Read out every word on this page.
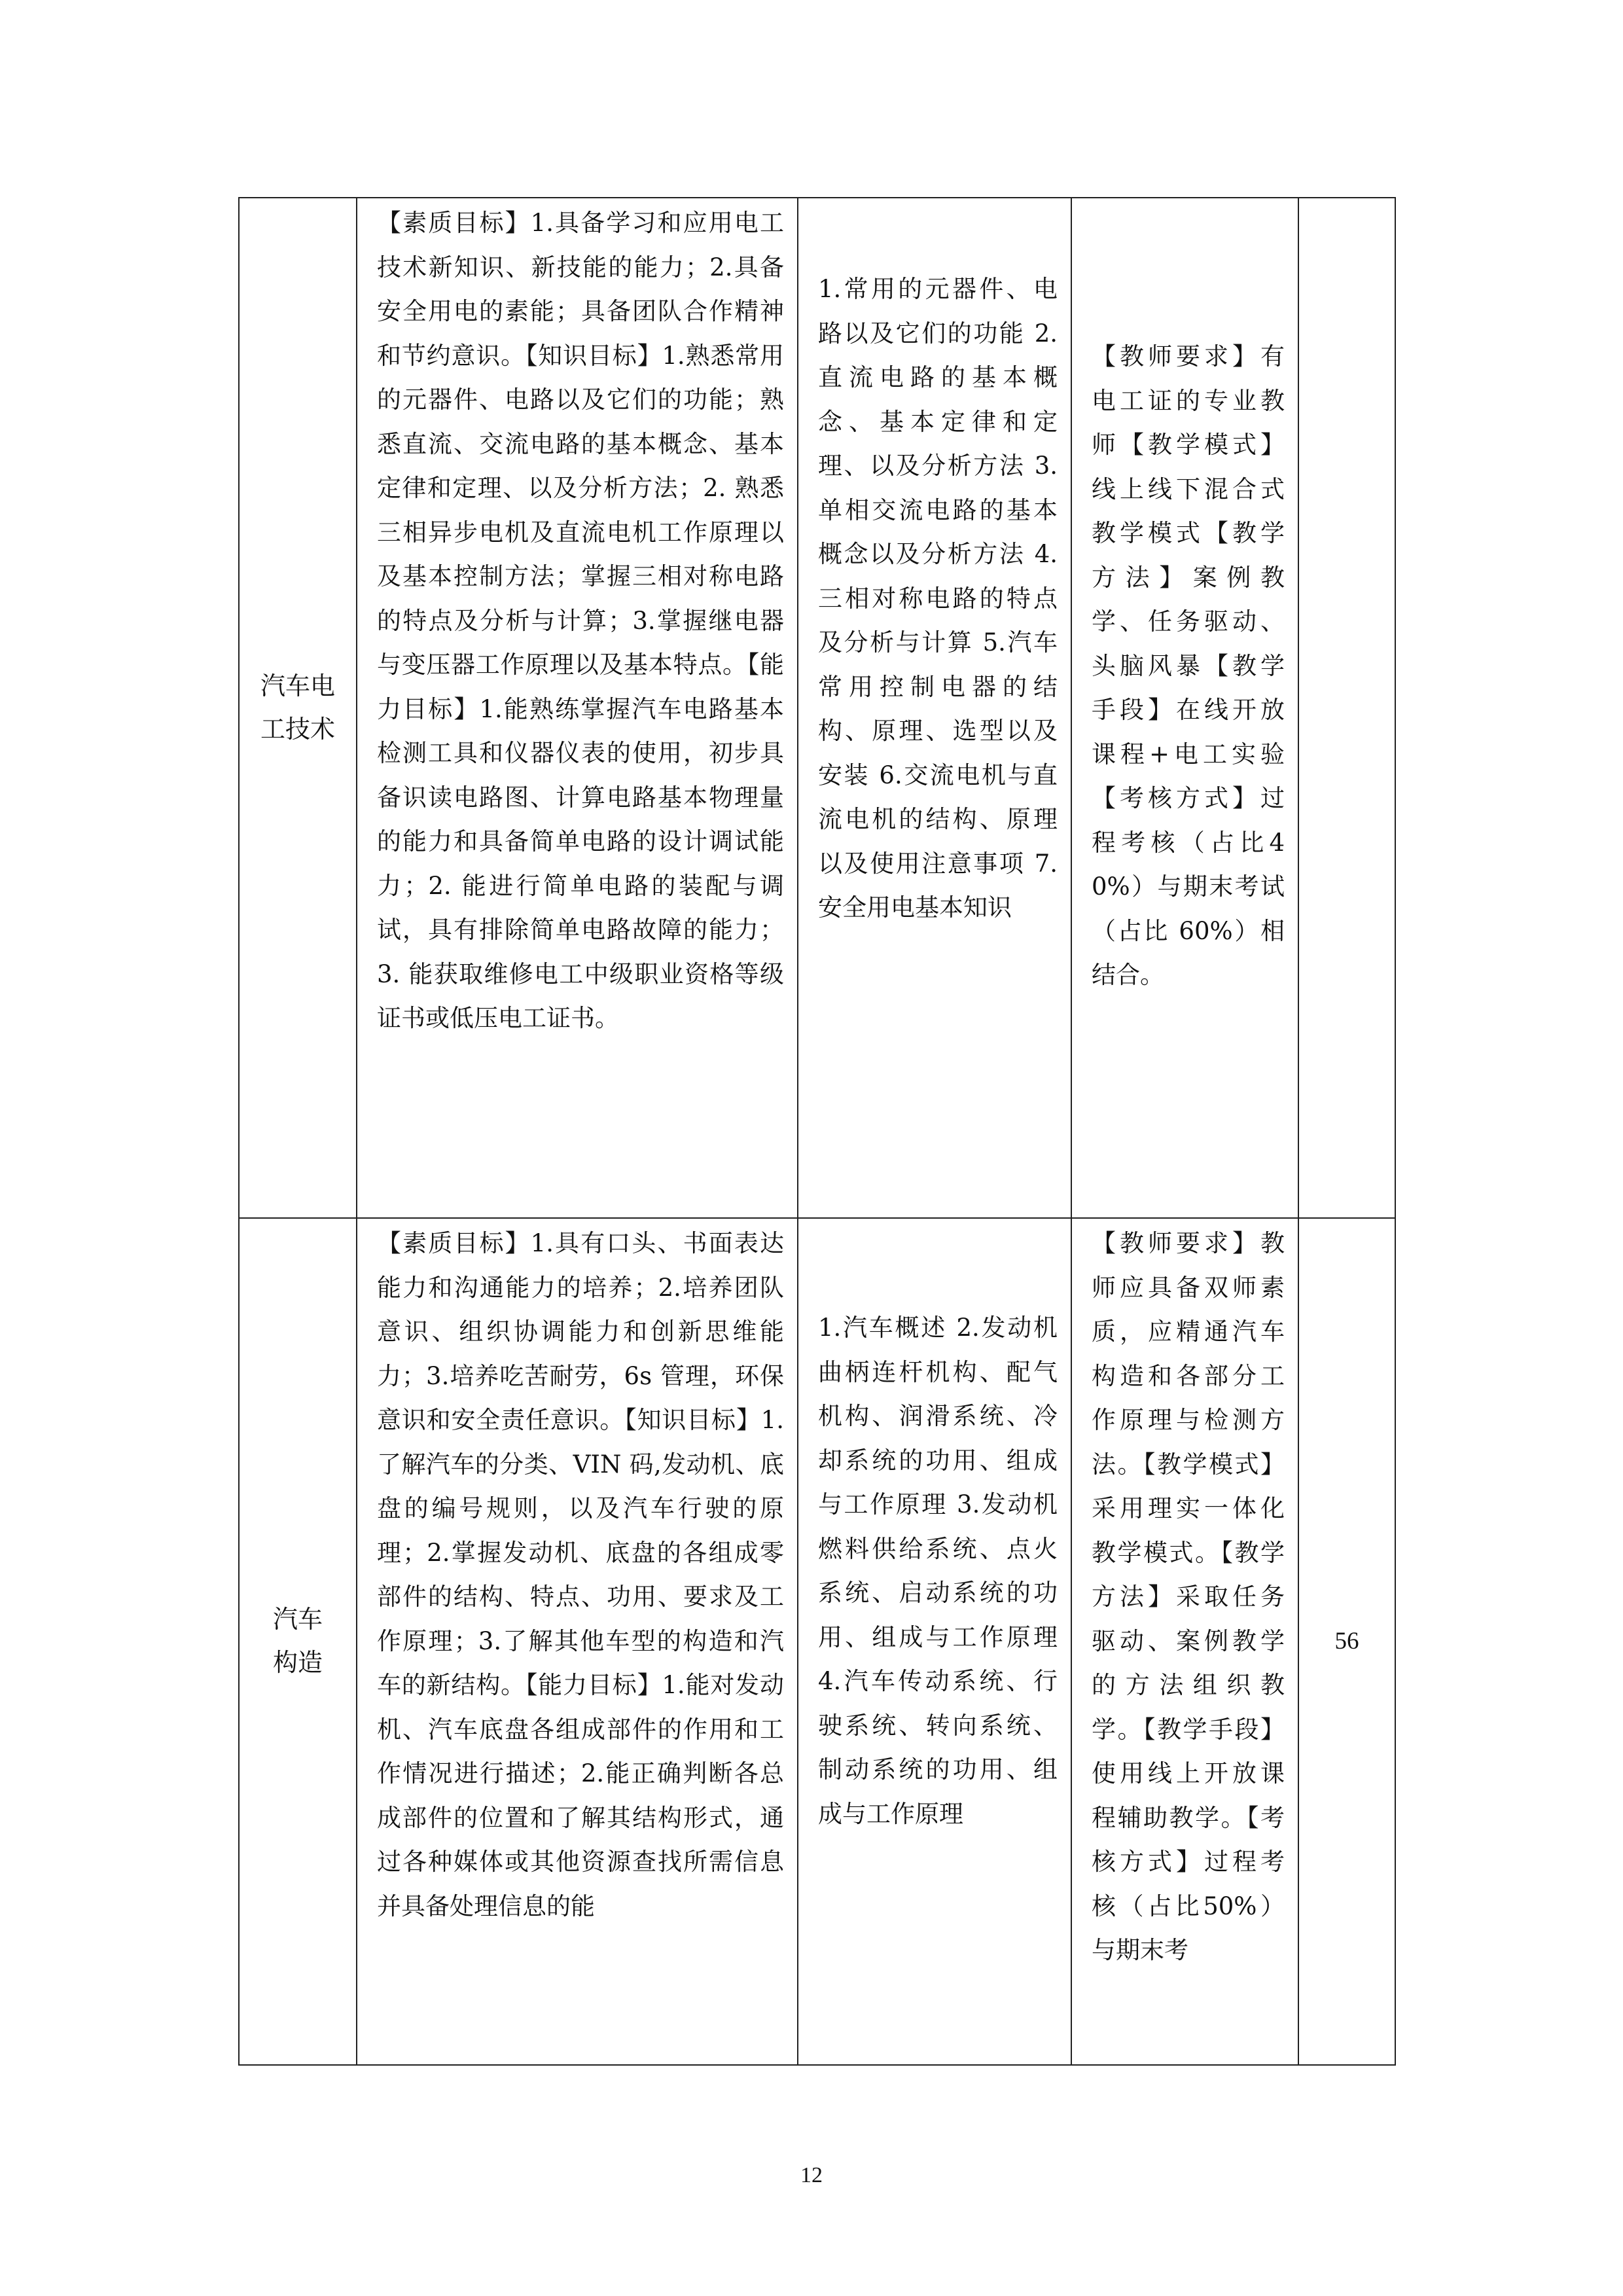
汽车电工技术	【素质目标】1.具备学习和应用电工技术新知识、新技能的能力；2.具备安全用电的素能；具备团队合作精神和节约意识。【知识目标】1.熟悉常用的元器件、电路以及它们的功能；熟悉直流、交流电路的基本概念、基本定律和定理、以及分析方法；2. 熟悉三相异步电机及直流电机工作原理以及基本控制方法；掌握三相对称电路的特点及分析与计算；3.掌握继电器与变压器工作原理以及基本特点。【能力目标】1.能熟练掌握汽车电路基本检测工具和仪器仪表的使用，初步具备识读电路图、计算电路基本物理量的能力和具备简单电路的设计调试能力；2. 能进行简单电路的装配与调试，具有排除简单电路故障的能力；3. 能获取维修电工中级职业资格等级证书或低压电工证书。	1.常用的元器件、电路以及它们的功能 2.直流电路的基本概念、基本定律和定理、以及分析方法 3.单相交流电路的基本概念以及分析方法 4.三相对称电路的特点及分析与计算 5.汽车常用控制电器的结构、原理、选型以及安装 6.交流电机与直流电机的结构、原理以及使用注意事项 7.安全用电基本知识	【教师要求】有电工证的专业教师【教学模式】线上线下混合式教学模式【教学方法】案例教学、任务驱动、头脑风暴【教学手段】在线开放课程+电工实验【考核方式】过程考核（占比40%）与期末考试（占比 60%）相结合。	

汽车构造	【素质目标】1.具有口头、书面表达能力和沟通能力的培养；2.培养团队意识、组织协调能力和创新思维能力；3.培养吃苦耐劳，6s 管理，环保意识和安全责任意识。【知识目标】1.了解汽车的分类、VIN 码,发动机、底盘的编号规则，以及汽车行驶的原理；2.掌握发动机、底盘的各组成零部件的结构、特点、功用、要求及工作原理；3.了解其他车型的构造和汽车的新结构。【能力目标】1.能对发动机、汽车底盘各组成部件的作用和工作情况进行描述；2.能正确判断各总成部件的位置和了解其结构形式，通过各种媒体或其他资源查找所需信息并具备处理信息的能	1.汽车概述 2.发动机曲柄连杆机构、配气机构、润滑系统、冷却系统的功用、组成与工作原理 3.发动机燃料供给系统、点火系统、启动系统的功用、组成与工作原理 4.汽车传动系统、行驶系统、转向系统、制动系统的功用、组成与工作原理	【教师要求】教师应具备双师素质，应精通汽车构造和各部分工作原理与检测方法。【教学模式】采用理实一体化教学模式。【教学方法】采取任务驱动、案例教学的方法组织教学。【教学手段】使用线上开放课程辅助教学。【考核方式】过程考核（占比50%）与期末考	56
12
